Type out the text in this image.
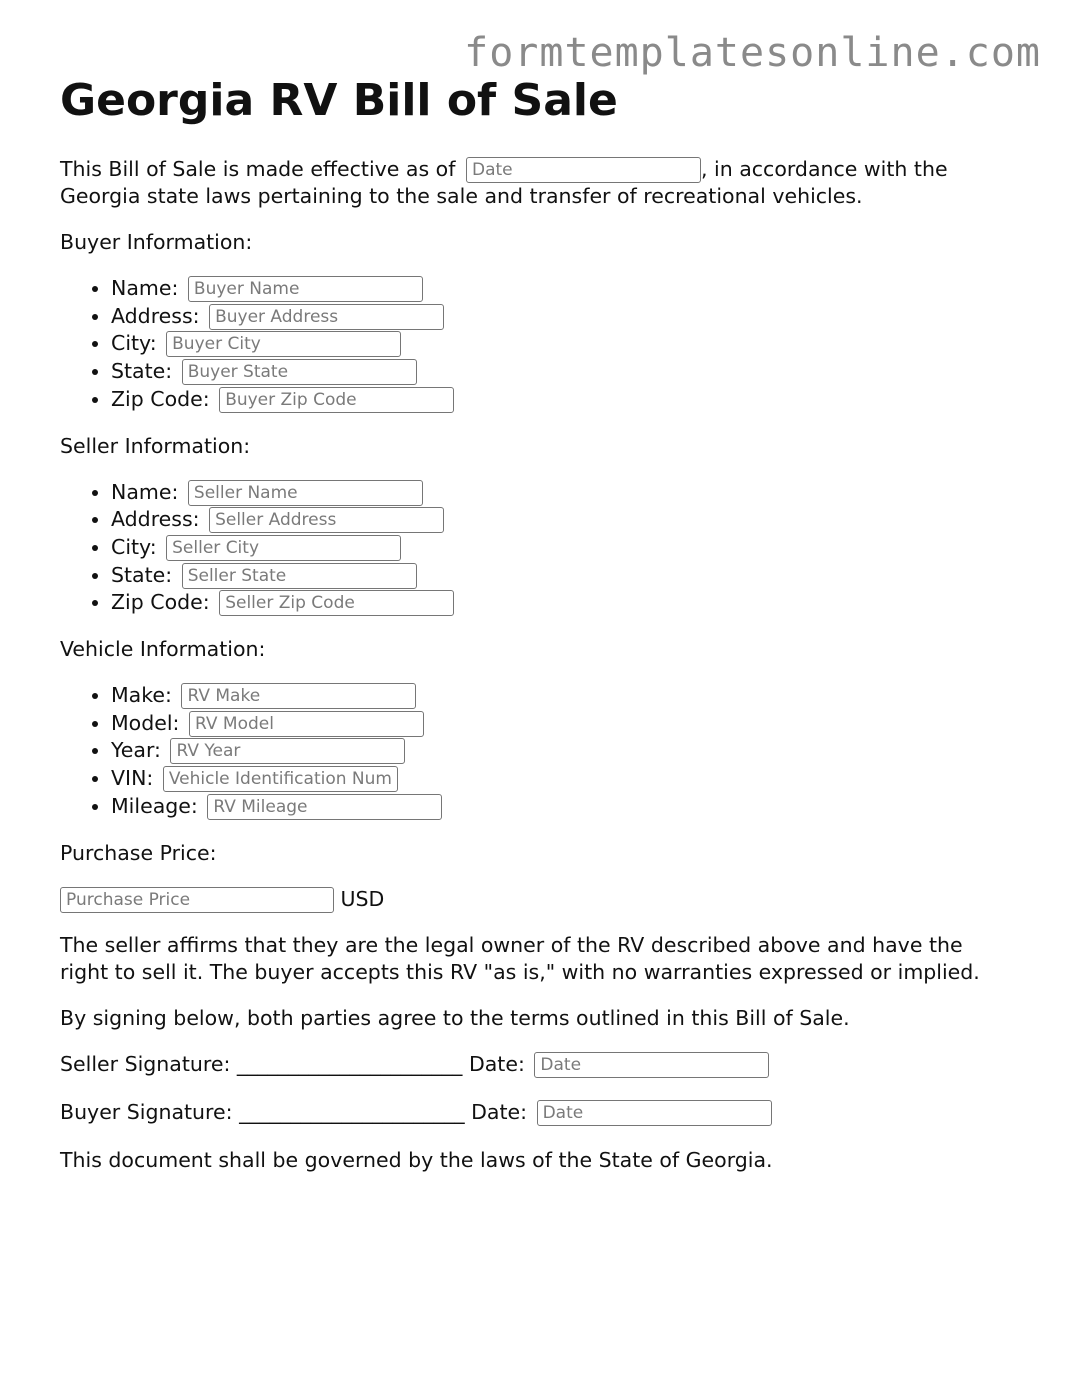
formtemplatesonline.com
Georgia RV Bill of Sale

This Bill of Sale is made effective as of Date	, in accordance with the
Georgia state laws pertaining to the sale and transfer of recreational vehicles.

Buyer Information:

• Name: Buyer Name
• Address: Buyer Address
• City: Buyer City
• State: Buyer State
• Zip Code: Buyer Zip Code

Seller Information:

• Name: Seller Name
• Address: Seller Address
• City: Seller City
• State: Seller State
• Zip Code: Seller Zip Code

Vehicle Information:

• Make: RV Make
• Model: RV Model
• Year: RV Year
• VIN: Vehicle Identification Number
• Mileage: RV Mileage

Purchase Price:

Purchase Price USD

The seller affirms that they are the legal owner of the RV described above and have the
right to sell it. The buyer accepts this RV "as is," with no warranties expressed or implied.

By signing below, both parties agree to the terms outlined in this Bill of Sale.

Seller Signature: ______________________ Date: Date

Buyer Signature: ______________________ Date: Date

This document shall be governed by the laws of the State of Georgia.
